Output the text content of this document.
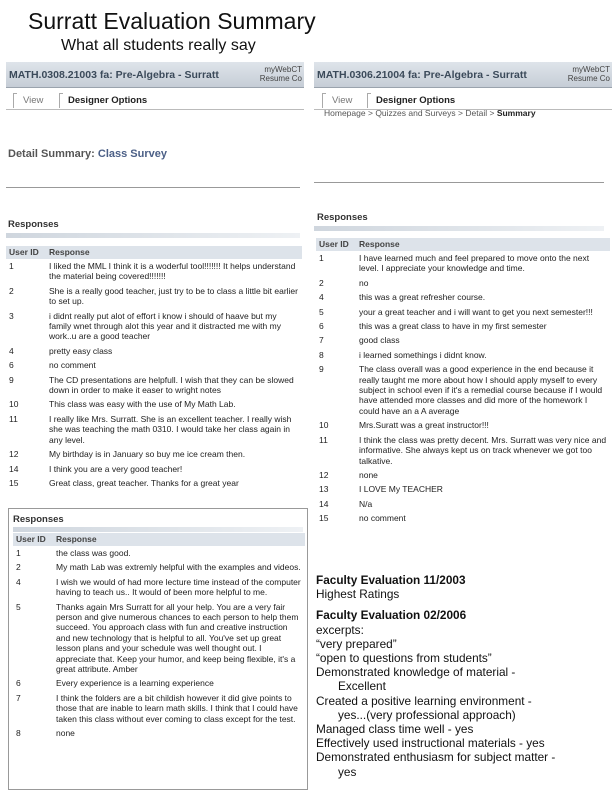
Surratt Evaluation Summary
What all students really say
MATH.0308.21003 fa: Pre-Algebra - Surratt	myWebCT
Resume Co
View	Designer Options
Detail Summary: Class Survey
Responses
User ID	Response
1	I liked the MML I think it is a woderful tool!!!!!!! It helps understand the material being covered!!!!!!!
2	She is a really good teacher, just try to be to class a little bit earlier to set up.
3	i didnt really put alot of effort i know i should of haave but my family wnet through alot this year and it distracted me with my work..u are a good teacher
4	pretty easy class
6	no comment
9	The CD presentations are helpfull. I wish that they can be slowed down in order to make it easer to wright notes
10	This class was easy with the use of My Math Lab.
11	I really like Mrs. Surratt. She is an excellent teacher. I really wish she was teaching the math 0310. I would take her class again in any level.
12	My birthday is in January so buy me ice cream then.
14	I think you are a very good teacher!
15	Great class, great teacher. Thanks for a great year
MATH.0306.21004 fa: Pre-Algebra - Surratt	myWebCT
Resume Co
View Designer Options
Homepage > Quizzes and Surveys > Detail > Summary
Responses
User ID	Response
1	I have learned much and feel prepared to move onto the next level. I appreciate your knowledge and time.
2	no
4	this was a great refresher course.
5	your a great teacher and i will want to get you next semester!!!
6	this was a great class to have in my first semester
7	good class
8	i learned somethings i didnt know.
9	The class overall was a good experience in the end because it really taught me more about how I should apply myself to every subject in school even if it's a remedial course because if I would have attended more classes and did more of the homework I could have an a A average
10	Mrs.Suratt was a great instructor!!!
11	I think the class was pretty decent. Mrs. Surratt was very nice and informative. She always kept us on track whenever we got too talkative.
12	none
13	I LOVE My TEACHER
14	N/a
15	no comment
Responses
User ID	Response
1	the class was good.
2	My math Lab was extremly helpful with the examples and videos.
4	I wish we would of had more lecture time instead of the computer having to teach us.. It would of been more helpful to me.
5	Thanks again Mrs Surratt for all your help. You are a very fair person and give numerous chances to each person to help them succeed. You approach class with fun and creative instruction and new technology that is helpful to all. You've set up great lesson plans and your schedule was well thought out. I appreciate that. Keep your humor, and keep being flexible, it's a great attribute. Amber
6	Every experience is a learning experience
7	I think the folders are a bit childish however it did give points to those that are inable to learn math skills. I think that I could have taken this class without ever coming to class except for the test.
8	none
Faculty Evaluation 11/2003
Highest Ratings
Faculty Evaluation 02/2006
excerpts:
“very prepared”
“open to questions from students”
Demonstrated knowledge of material -
Excellent
Created a positive learning environment -
yes...(very professional approach)
Managed class time well - yes
Effectively used instructional materials - yes
Demonstrated enthusiasm for subject matter -
yes
